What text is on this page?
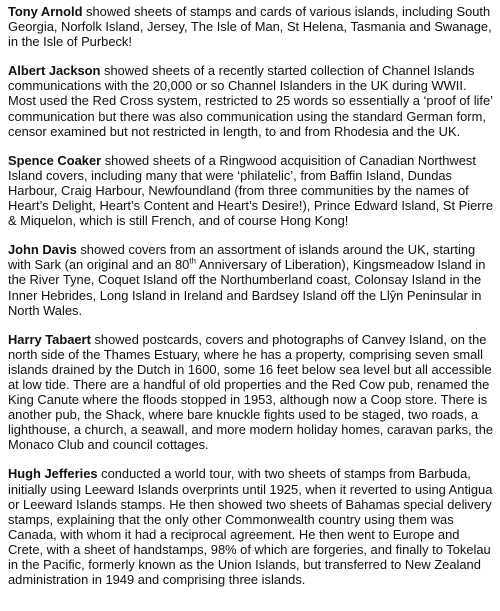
Tony Arnold showed sheets of stamps and cards of various islands, including South Georgia, Norfolk Island, Jersey, The Isle of Man, St Helena, Tasmania and Swanage, in the Isle of Purbeck!

Albert Jackson showed sheets of a recently started collection of Channel Islands communications with the 20,000 or so Channel Islanders in the UK during WWII. Most used the Red Cross system, restricted to 25 words so essentially a ‘proof of life’ communication but there was also communication using the standard German form, censor examined but not restricted in length, to and from Rhodesia and the UK.

Spence Coaker showed sheets of a Ringwood acquisition of Canadian Northwest Island covers, including many that were ‘philatelic’, from Baffin Island, Dundas Harbour, Craig Harbour, Newfoundland (from three communities by the names of Heart’s Delight, Heart’s Content and Heart’s Desire!), Prince Edward Island, St Pierre & Miquelon, which is still French, and of course Hong Kong!

John Davis showed covers from an assortment of islands around the UK, starting with Sark (an original and an 80th Anniversary of Liberation), Kingsmeadow Island in the River Tyne, Coquet Island off the Northumberland coast, Colonsay Island in the Inner Hebrides, Long Island in Ireland and Bardsey Island off the Llŷn Peninsular in North Wales.

Harry Tabaert showed postcards, covers and photographs of Canvey Island, on the north side of the Thames Estuary, where he has a property, comprising seven small islands drained by the Dutch in 1600, some 16 feet below sea level but all accessible at low tide. There are a handful of old properties and the Red Cow pub, renamed the King Canute where the floods stopped in 1953, although now a Coop store. There is another pub, the Shack, where bare knuckle fights used to be staged, two roads, a lighthouse, a church, a seawall, and more modern holiday homes, caravan parks, the Monaco Club and council cottages.

Hugh Jefferies conducted a world tour, with two sheets of stamps from Barbuda, initially using Leeward Islands overprints until 1925, when it reverted to using Antigua or Leeward Islands stamps. He then showed two sheets of Bahamas special delivery stamps, explaining that the only other Commonwealth country using them was Canada, with whom it had a reciprocal agreement. He then went to Europe and Crete, with a sheet of handstamps, 98% of which are forgeries, and finally to Tokelau in the Pacific, formerly known as the Union Islands, but transferred to New Zealand administration in 1949 and comprising three islands.
